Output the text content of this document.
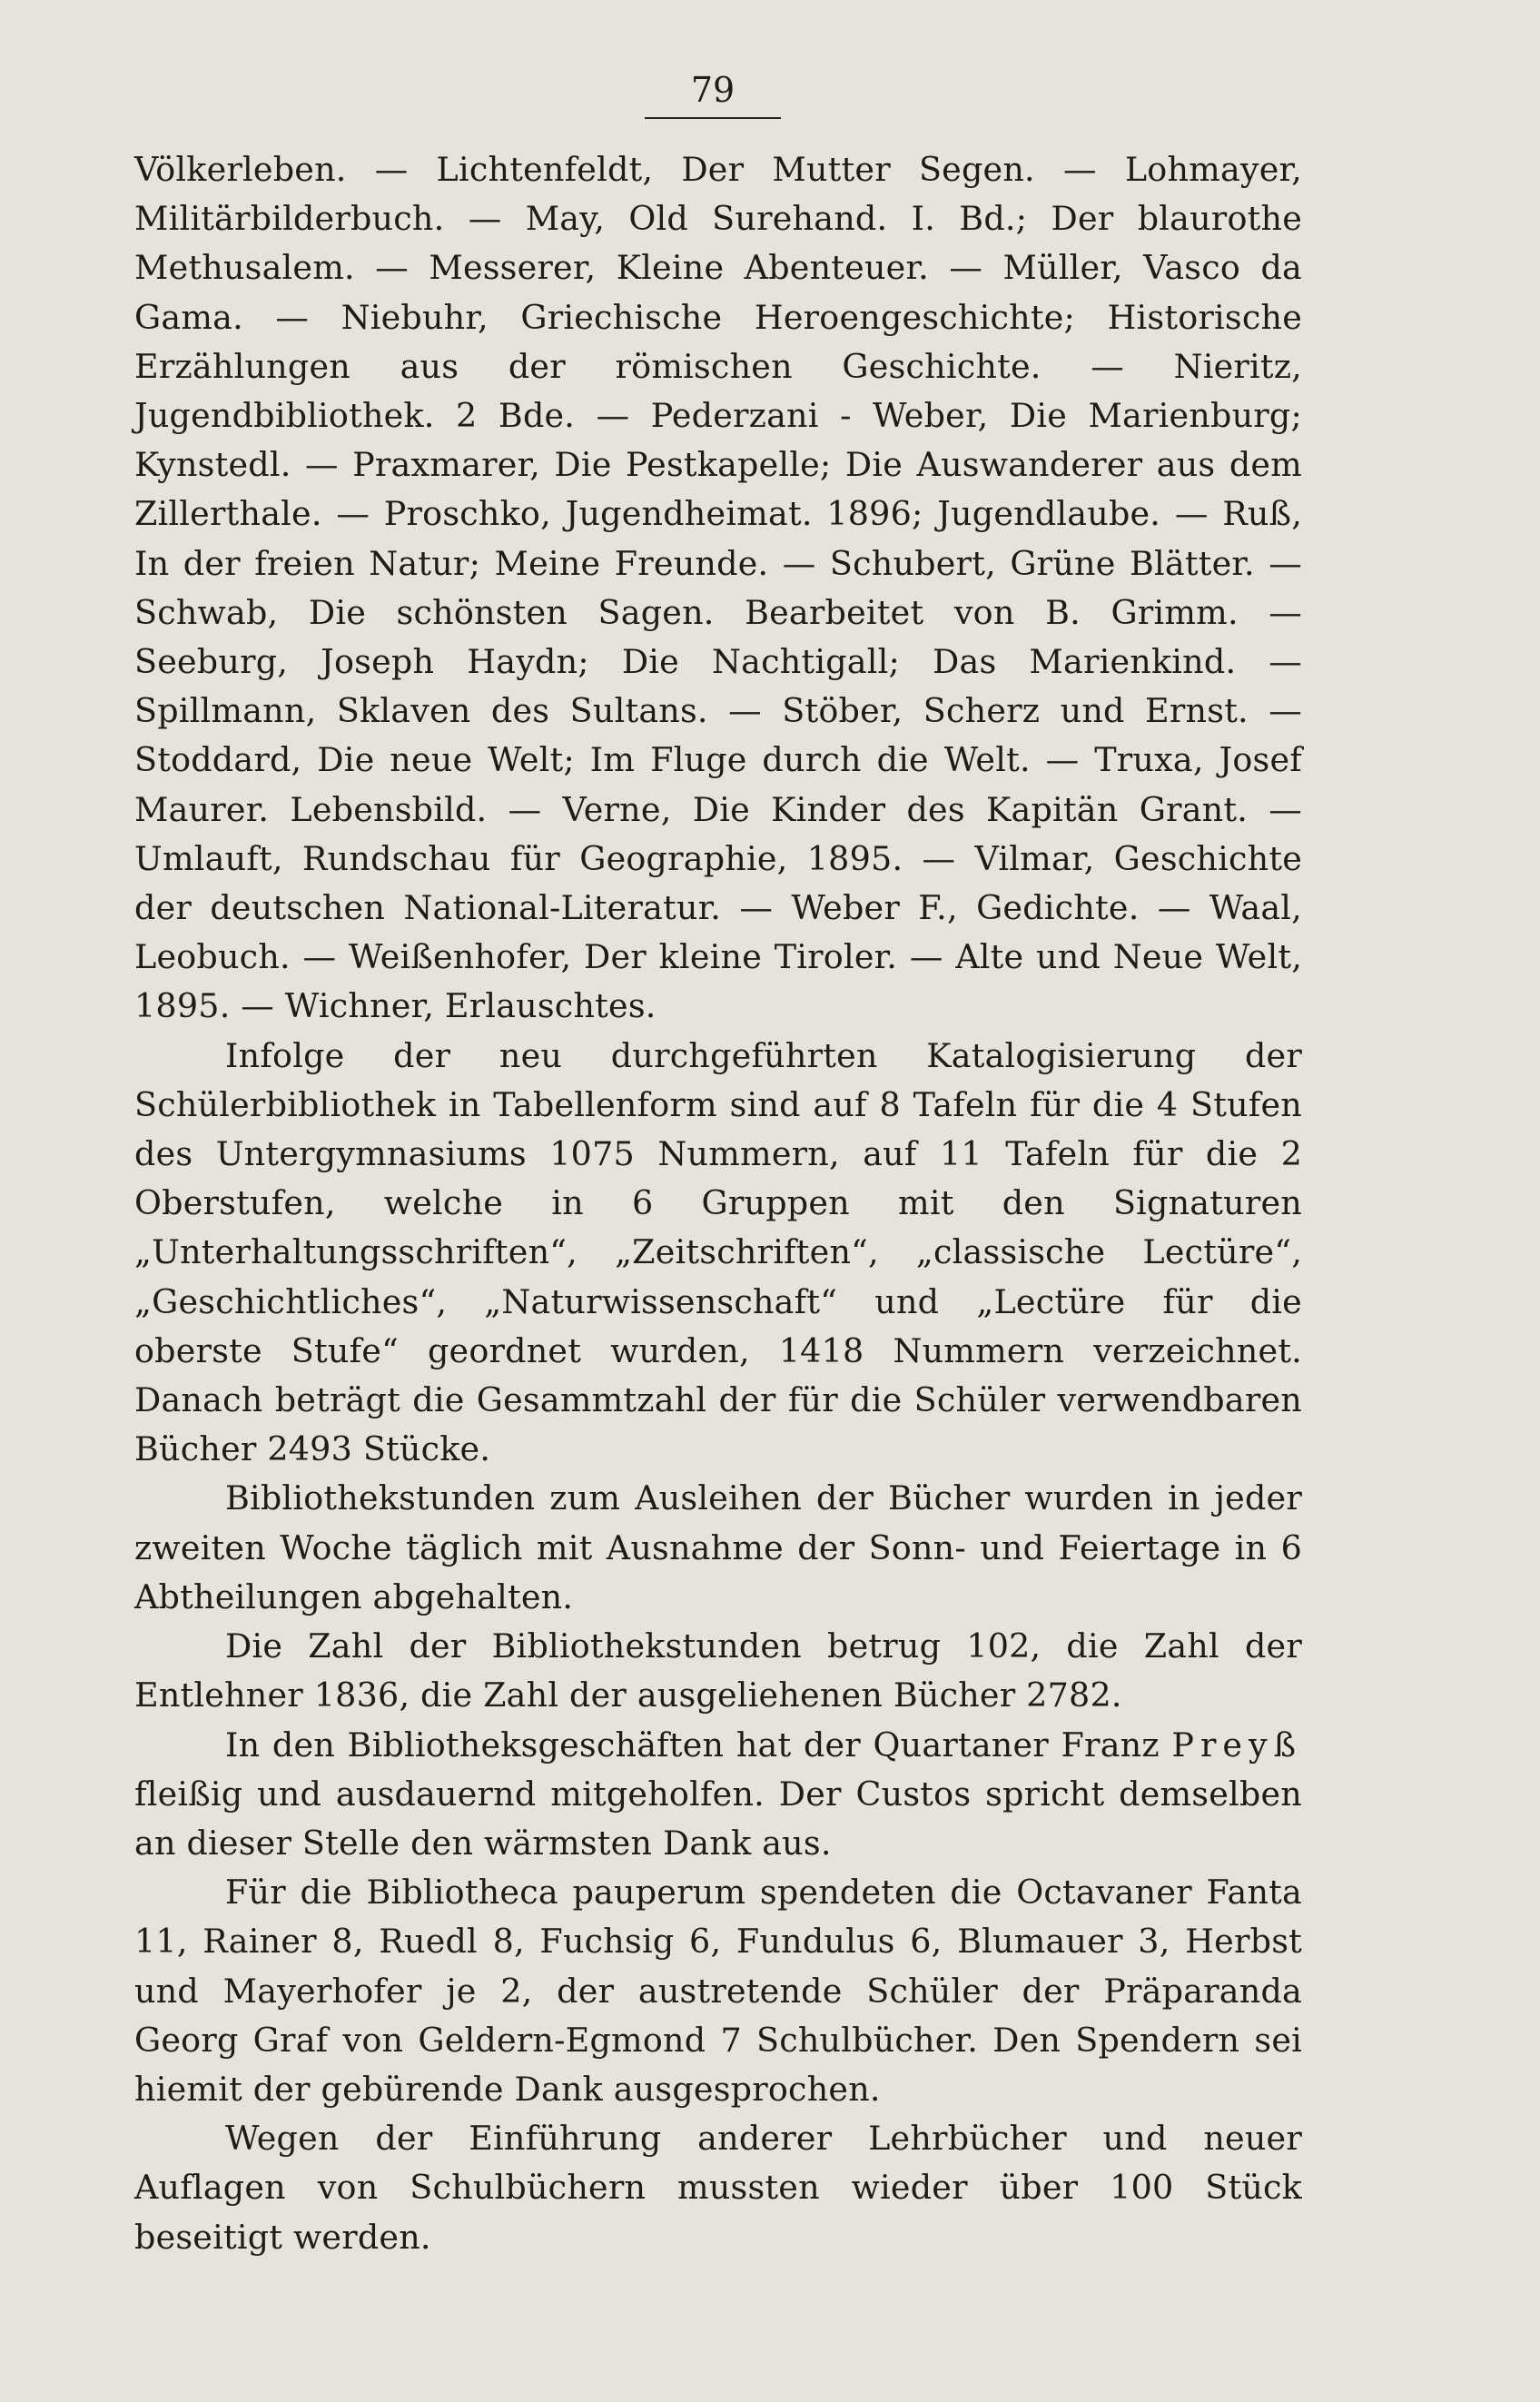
79

Völkerleben. — Lichtenfeldt, Der Mutter Segen. — Lohmayer, Militärbilderbuch. — May, Old Surehand. I. Bd.; Der blaurothe Methusalem. — Messerer, Kleine Abenteuer. — Müller, Vasco da Gama. — Niebuhr, Griechische Heroengeschichte; Historische Erzählungen aus der römischen Geschichte. — Nieritz, Jugendbibliothek. 2 Bde. — Pederzani - Weber, Die Marienburg; Kynstedl. — Praxmarer, Die Pestkapelle; Die Auswanderer aus dem Zillerthale. — Proschko, Jugendheimat. 1896; Jugendlaube. — Ruß, In der freien Natur; Meine Freunde. — Schubert, Grüne Blätter. — Schwab, Die schönsten Sagen. Bearbeitet von B. Grimm. — Seeburg, Joseph Haydn; Die Nachtigall; Das Marienkind. — Spillmann, Sklaven des Sultans. — Stöber, Scherz und Ernst. — Stoddard, Die neue Welt; Im Fluge durch die Welt. — Truxa, Josef Maurer. Lebensbild. — Verne, Die Kinder des Kapitän Grant. — Umlauft, Rundschau für Geographie, 1895. — Vilmar, Geschichte der deutschen National-Literatur. — Weber F., Gedichte. — Waal, Leobuch. — Weißenhofer, Der kleine Tiroler. — Alte und Neue Welt, 1895. — Wichner, Erlauschtes.

Infolge der neu durchgeführten Katalogisierung der Schülerbibliothek in Tabellenform sind auf 8 Tafeln für die 4 Stufen des Untergymnasiums 1075 Nummern, auf 11 Tafeln für die 2 Oberstufen, welche in 6 Gruppen mit den Signaturen „Unterhaltungsschriften“, „Zeitschriften“, „classische Lectüre“, „Geschichtliches“, „Naturwissenschaft“ und „Lectüre für die oberste Stufe“ geordnet wurden, 1418 Nummern verzeichnet. Danach beträgt die Gesammtzahl der für die Schüler verwendbaren Bücher 2493 Stücke.

Bibliothekstunden zum Ausleihen der Bücher wurden in jeder zweiten Woche täglich mit Ausnahme der Sonn- und Feiertage in 6 Abtheilungen abgehalten.

Die Zahl der Bibliothekstunden betrug 102, die Zahl der Entlehner 1836, die Zahl der ausgeliehenen Bücher 2782.

In den Bibliotheksgeschäften hat der Quartaner Franz Preyß fleißig und ausdauernd mitgeholfen. Der Custos spricht demselben an dieser Stelle den wärmsten Dank aus.

Für die Bibliotheca pauperum spendeten die Octavaner Fanta 11, Rainer 8, Ruedl 8, Fuchsig 6, Fundulus 6, Blumauer 3, Herbst und Mayerhofer je 2, der austretende Schüler der Präparanda Georg Graf von Geldern-Egmond 7 Schulbücher. Den Spendern sei hiemit der gebürende Dank ausgesprochen.

Wegen der Einführung anderer Lehrbücher und neuer Auflagen von Schulbüchern mussten wieder über 100 Stück beseitigt werden.
